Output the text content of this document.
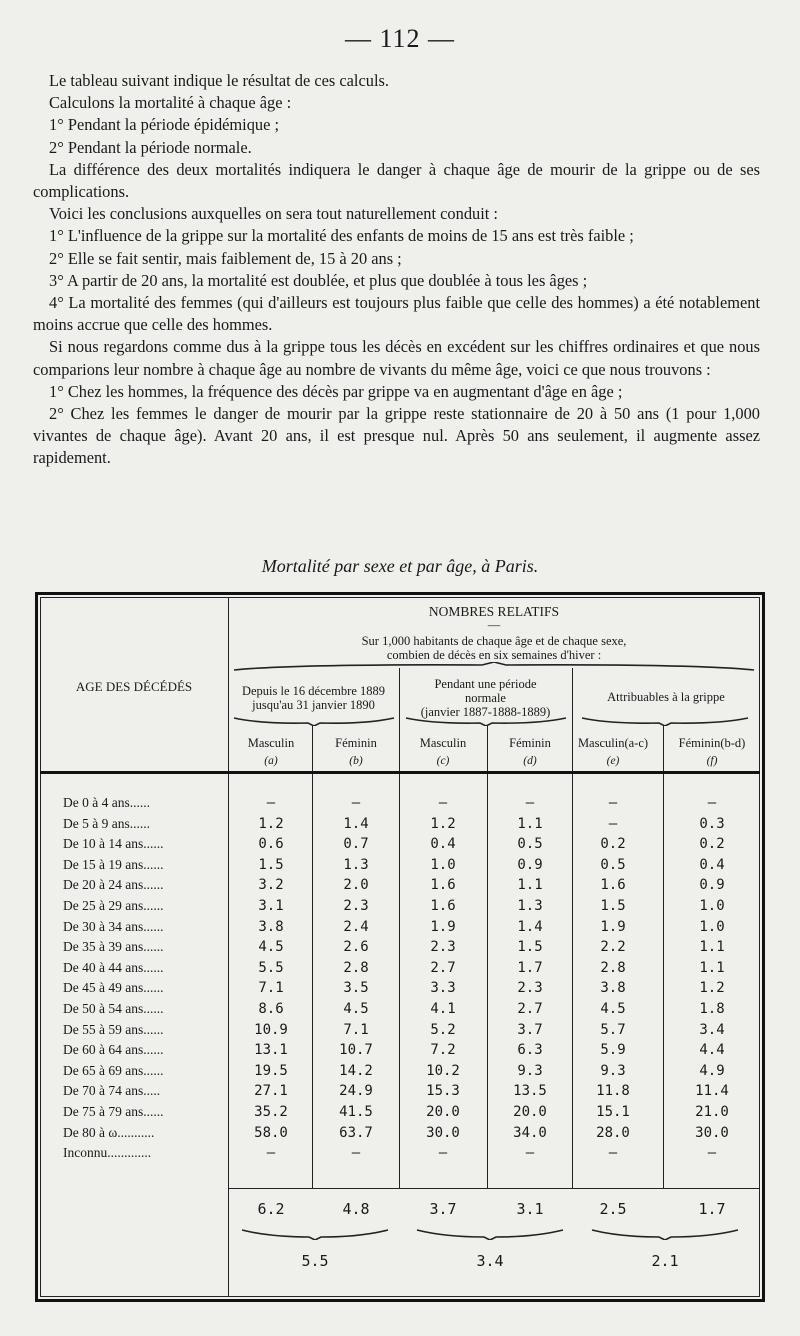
— 112 —

Le tableau suivant indique le résultat de ces calculs.

Calculons la mortalité à chaque âge :

1° Pendant la période épidémique ;

2° Pendant la période normale.

La différence des deux mortalités indiquera le danger à chaque âge de mourir de la grippe ou de ses complications.

Voici les conclusions auxquelles on sera tout naturellement conduit :

1° L'influence de la grippe sur la mortalité des enfants de moins de 15 ans est très faible ;

2° Elle se fait sentir, mais faiblement de, 15 à 20 ans ;

3° A partir de 20 ans, la mortalité est doublée, et plus que doublée à tous les âges ;

4° La mortalité des femmes (qui d'ailleurs est toujours plus faible que celle des hommes) a été notablement moins accrue que celle des hommes.

Si nous regardons comme dus à la grippe tous les décès en excédent sur les chiffres ordinaires et que nous comparions leur nombre à chaque âge au nombre de vivants du même âge, voici ce que nous trouvons :

1° Chez les hommes, la fréquence des décès par grippe va en augmentant d'âge en âge ;

2° Chez les femmes le danger de mourir par la grippe reste stationnaire de 20 à 50 ans (1 pour 1,000 vivantes de chaque âge). Avant 20 ans, il est presque nul. Après 50 ans seulement, il augmente assez rapidement.

Mortalité par sexe et par âge, à Paris.
AGE DES DÉCÉDÉS
NOMBRES RELATIFS
—
Sur 1,000 habitants de chaque âge et de chaque sexe,
combien de décès en six semaines d'hiver :
Depuis le 16 décembre 1889
jusqu'au 31 janvier 1890
Pendant une période
normale
(janvier 1887-1888-1889)
Attribuables à la grippe
Masculin
(a)
Féminin
(b)
Masculin
(c)
Féminin
(d)
Masculin(a-c)
(e)
Féminin(b-d)
(f)
De 0 à 4 ans......	—	—	—	—	—	—
De 5 à 9 ans......	1.2	1.4	1.2	1.1	—	0.3
De 10 à 14 ans......	0.6	0.7	0.4	0.5	0.2	0.2
De 15 à 19 ans......	1.5	1.3	1.0	0.9	0.5	0.4
De 20 à 24 ans......	3.2	2.0	1.6	1.1	1.6	0.9
De 25 à 29 ans......	3.1	2.3	1.6	1.3	1.5	1.0
De 30 à 34 ans......	3.8	2.4	1.9	1.4	1.9	1.0
De 35 à 39 ans......	4.5	2.6	2.3	1.5	2.2	1.1
De 40 à 44 ans......	5.5	2.8	2.7	1.7	2.8	1.1
De 45 à 49 ans......	7.1	3.5	3.3	2.3	3.8	1.2
De 50 à 54 ans......	8.6	4.5	4.1	2.7	4.5	1.8
De 55 à 59 ans......	10.9	7.1	5.2	3.7	5.7	3.4
De 60 à 64 ans......	13.1	10.7	7.2	6.3	5.9	4.4
De 65 à 69 ans......	19.5	14.2	10.2	9.3	9.3	4.9
De 70 à 74 ans.....	27.1	24.9	15.3	13.5	11.8	11.4
De 75 à 79 ans......	35.2	41.5	20.0	20.0	15.1	21.0
De 80 à ω...........	58.0	63.7	30.0	34.0	28.0	30.0
Inconnu.............	—	—	—	—	—	—
6.2	4.8	3.7	3.1	2.5	1.7
5.5	3.4	2.1
